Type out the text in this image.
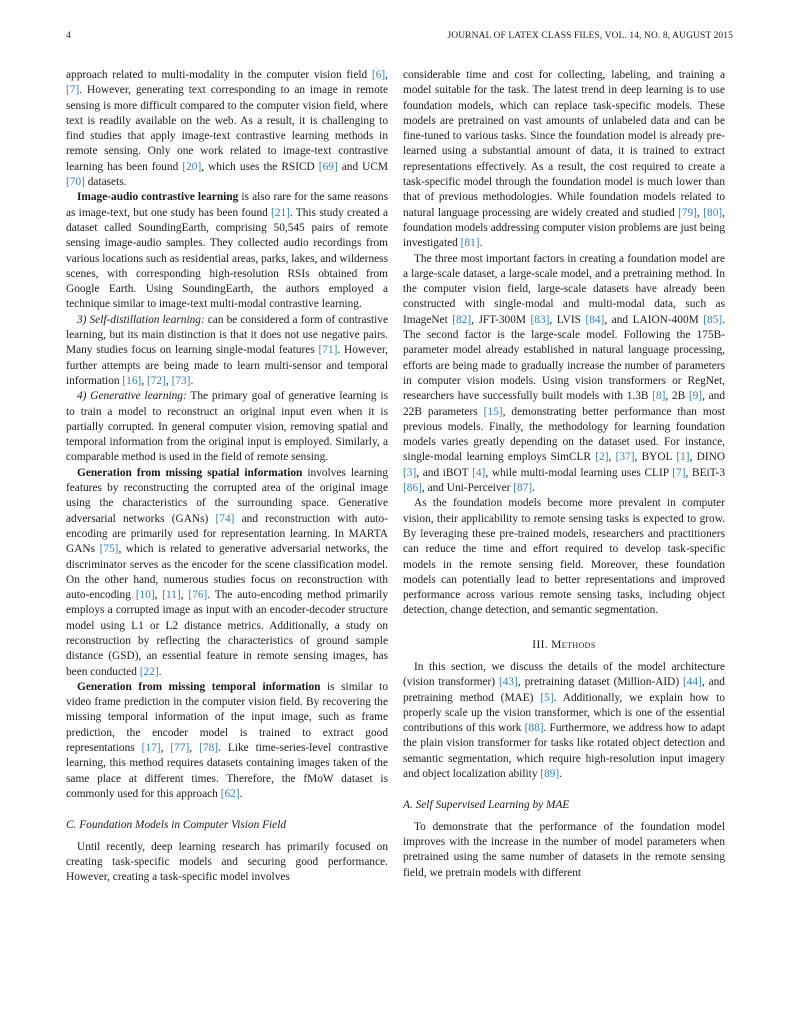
4	JOURNAL OF LATEX CLASS FILES, VOL. 14, NO. 8, AUGUST 2015

approach related to multi-modality in the computer vision field [6], [7]. However, generating text corresponding to an image in remote sensing is more difficult compared to the computer vision field, where text is readily available on the web. As a result, it is challenging to find studies that apply image-text contrastive learning methods in remote sensing. Only one work related to image-text contrastive learning has been found [20], which uses the RSICD [69] and UCM [70] datasets.

Image-audio contrastive learning is also rare for the same reasons as image-text, but one study has been found [21]. This study created a dataset called SoundingEarth, comprising 50,545 pairs of remote sensing image-audio samples. They collected audio recordings from various locations such as residential areas, parks, lakes, and wilderness scenes, with corresponding high-resolution RSIs obtained from Google Earth. Using SoundingEarth, the authors employed a technique similar to image-text multi-modal contrastive learning.

3) Self-distillation learning: can be considered a form of contrastive learning, but its main distinction is that it does not use negative pairs. Many studies focus on learning single-modal features [71]. However, further attempts are being made to learn multi-sensor and temporal information [16], [72], [73].

4) Generative learning: The primary goal of generative learning is to train a model to reconstruct an original input even when it is partially corrupted. In general computer vision, removing spatial and temporal information from the original input is employed. Similarly, a comparable method is used in the field of remote sensing.

Generation from missing spatial information involves learning features by reconstructing the corrupted area of the original image using the characteristics of the surrounding space. Generative adversarial networks (GANs) [74] and reconstruction with auto-encoding are primarily used for representation learning. In MARTA GANs [75], which is related to generative adversarial networks, the discriminator serves as the encoder for the scene classification model. On the other hand, numerous studies focus on reconstruction with auto-encoding [10], [11], [76]. The auto-encoding method primarily employs a corrupted image as input with an encoder-decoder structure model using L1 or L2 distance metrics. Additionally, a study on reconstruction by reflecting the characteristics of ground sample distance (GSD), an essential feature in remote sensing images, has been conducted [22].

Generation from missing temporal information is similar to video frame prediction in the computer vision field. By recovering the missing temporal information of the input image, such as frame prediction, the encoder model is trained to extract good representations [17], [77], [78]. Like time-series-level contrastive learning, this method requires datasets containing images taken of the same place at different times. Therefore, the fMoW dataset is commonly used for this approach [62].

C. Foundation Models in Computer Vision Field

Until recently, deep learning research has primarily focused on creating task-specific models and securing good performance. However, creating a task-specific model involves

considerable time and cost for collecting, labeling, and training a model suitable for the task. The latest trend in deep learning is to use foundation models, which can replace task-specific models. These models are pretrained on vast amounts of unlabeled data and can be fine-tuned to various tasks. Since the foundation model is already pre-learned using a substantial amount of data, it is trained to extract representations effectively. As a result, the cost required to create a task-specific model through the foundation model is much lower than that of previous methodologies. While foundation models related to natural language processing are widely created and studied [79], [80], foundation models addressing computer vision problems are just being investigated [81].

The three most important factors in creating a foundation model are a large-scale dataset, a large-scale model, and a pretraining method. In the computer vision field, large-scale datasets have already been constructed with single-modal and multi-modal data, such as ImageNet [82], JFT-300M [83], LVIS [84], and LAION-400M [85]. The second factor is the large-scale model. Following the 175B-parameter model already established in natural language processing, efforts are being made to gradually increase the number of parameters in computer vision models. Using vision transformers or RegNet, researchers have successfully built models with 1.3B [8], 2B [9], and 22B parameters [15], demonstrating better performance than most previous models. Finally, the methodology for learning foundation models varies greatly depending on the dataset used. For instance, single-modal learning employs SimCLR [2], [37], BYOL [1], DINO [3], and iBOT [4], while multi-modal learning uses CLIP [7], BEiT-3 [86], and Uni-Perceiver [87].

As the foundation models become more prevalent in computer vision, their applicability to remote sensing tasks is expected to grow. By leveraging these pre-trained models, researchers and practitioners can reduce the time and effort required to develop task-specific models in the remote sensing field. Moreover, these foundation models can potentially lead to better representations and improved performance across various remote sensing tasks, including object detection, change detection, and semantic segmentation.

III. Methods

In this section, we discuss the details of the model architecture (vision transformer) [43], pretraining dataset (Million-AID) [44], and pretraining method (MAE) [5]. Additionally, we explain how to properly scale up the vision transformer, which is one of the essential contributions of this work [88]. Furthermore, we address how to adapt the plain vision transformer for tasks like rotated object detection and semantic segmentation, which require high-resolution input imagery and object localization ability [89].

A. Self Supervised Learning by MAE

To demonstrate that the performance of the foundation model improves with the increase in the number of model parameters when pretrained using the same number of datasets in the remote sensing field, we pretrain models with different
